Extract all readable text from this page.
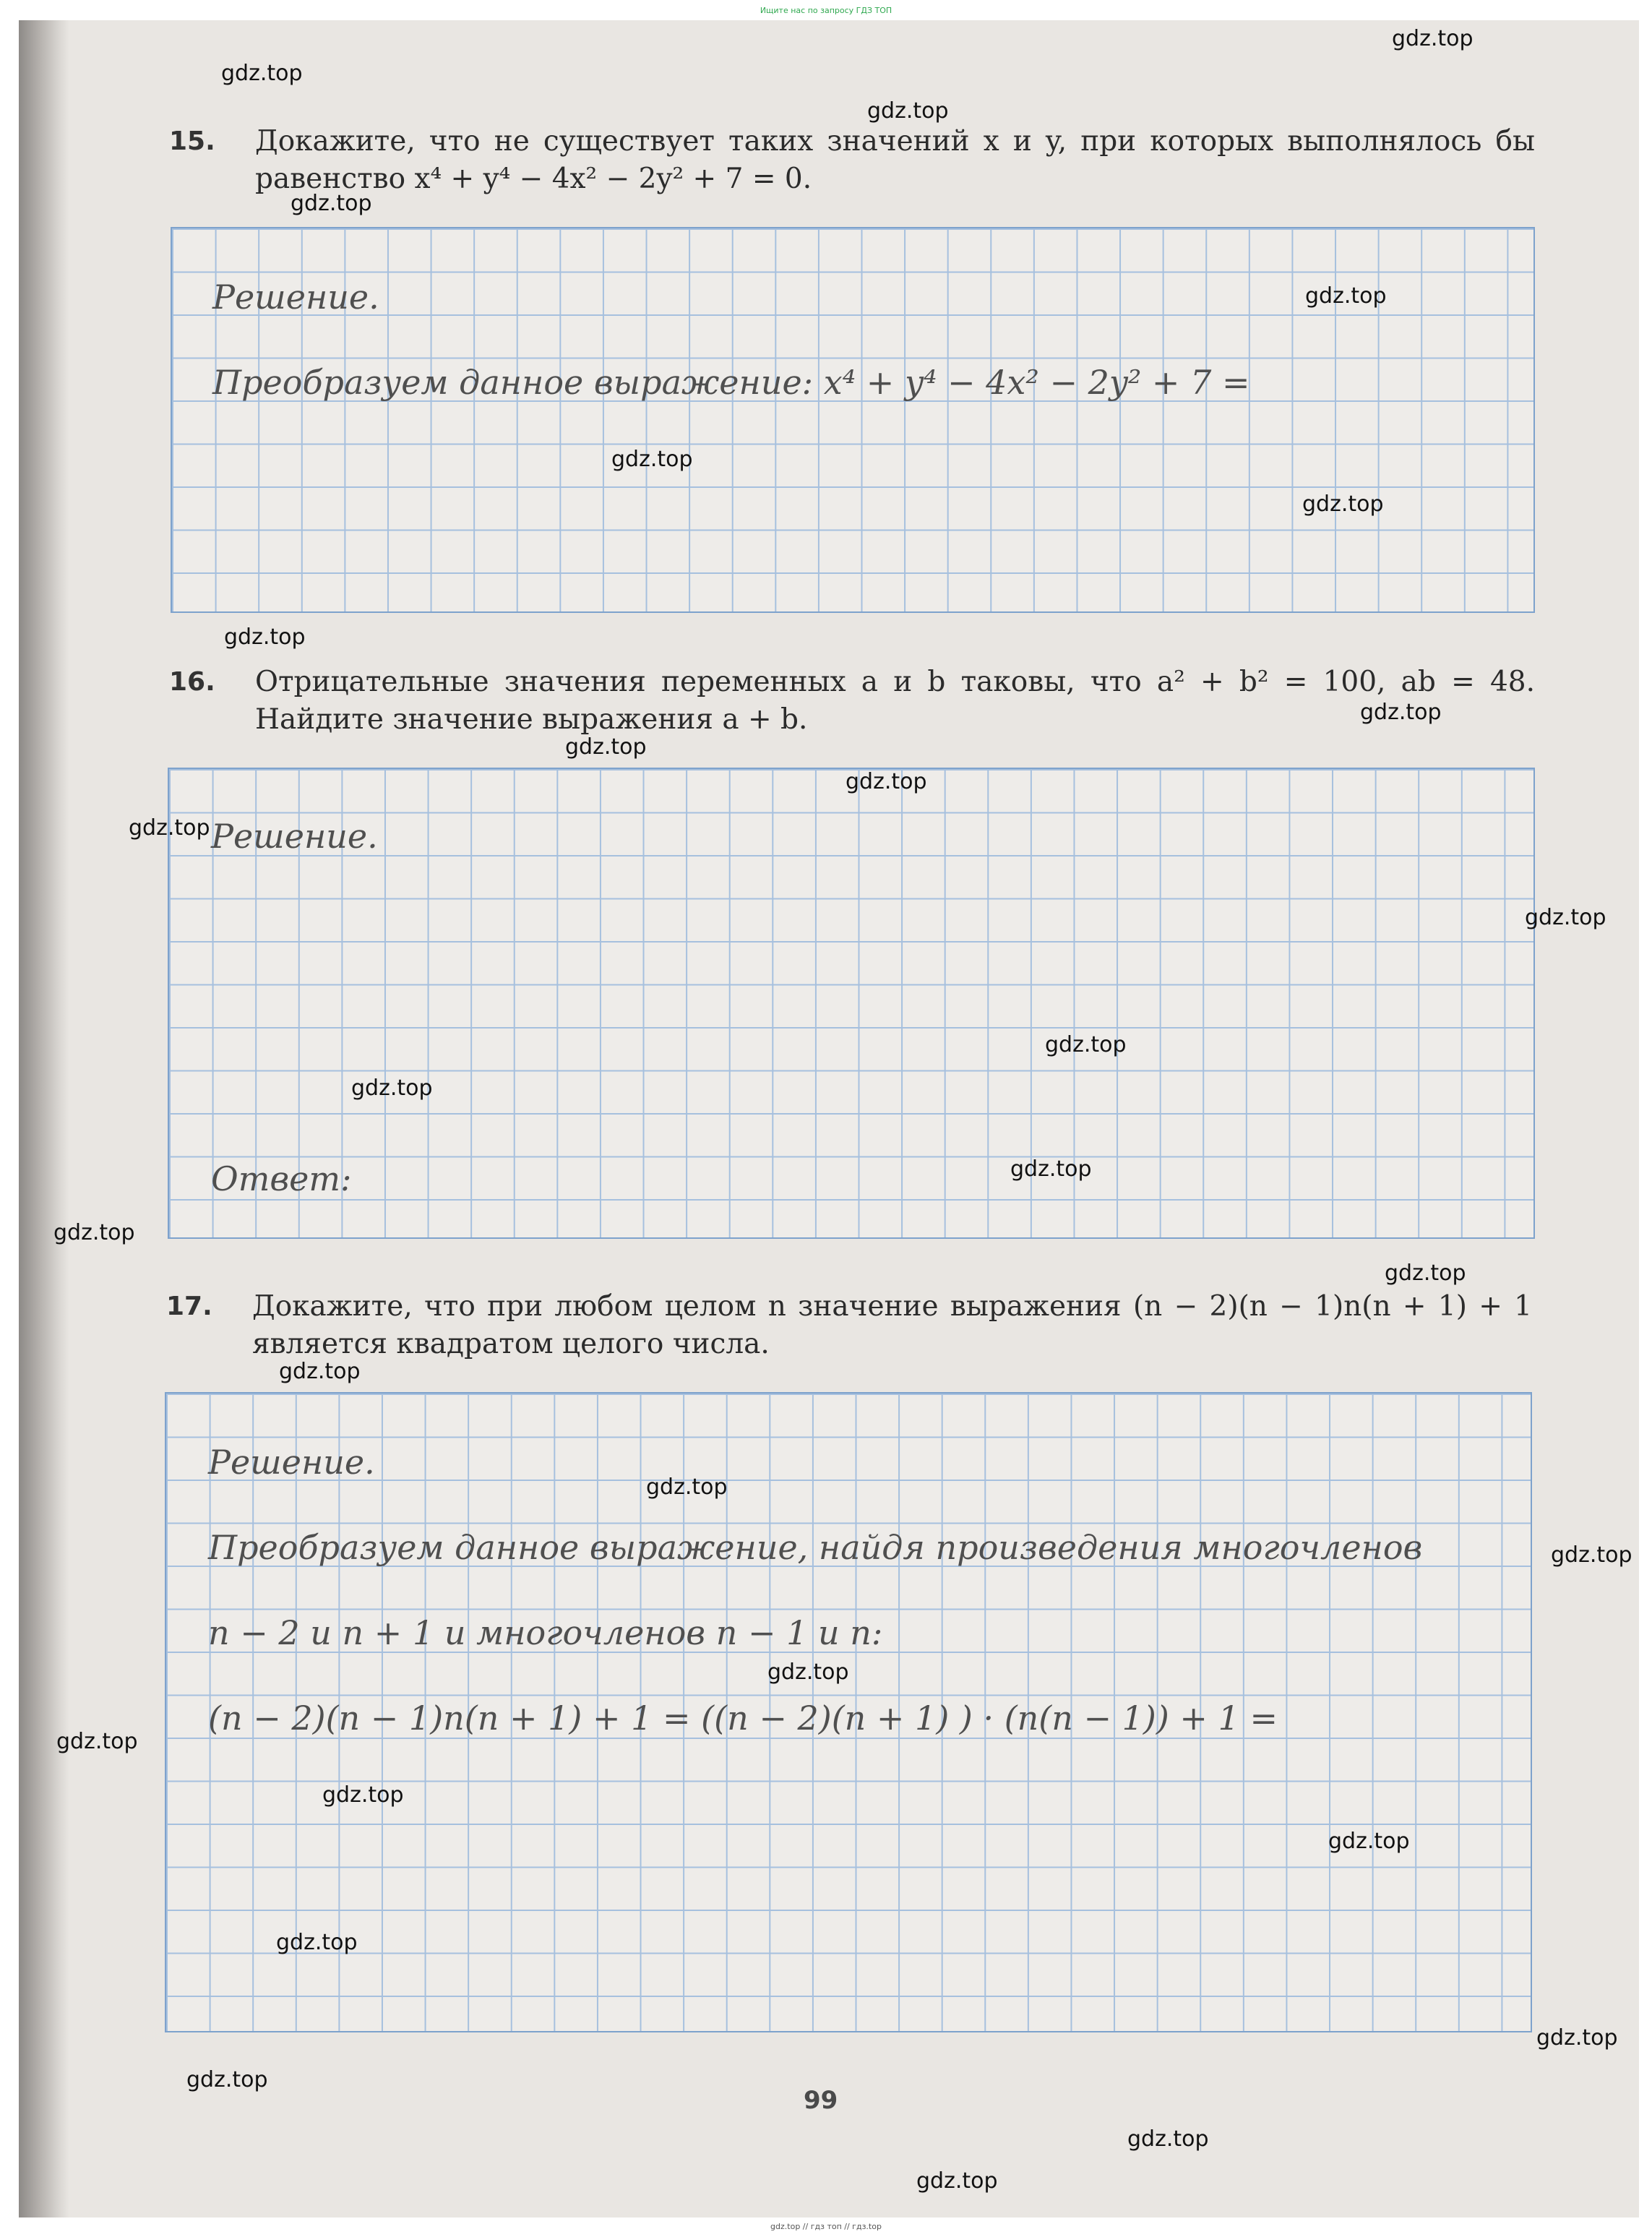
Ищите нас по запросу ГДЗ ТОП
15. Докажите, что не существует таких значений x и y, при которых выполнялось бы равенство x⁴ + y⁴ − 4x² − 2y² + 7 = 0.
Решение.
Преобразуем данное выражение: x⁴ + y⁴ − 4x² − 2y² + 7 =
16. Отрицательные значения переменных a и b таковы, что a² + b² = 100, ab = 48. Найдите значение выражения a + b.
Решение.
Ответ:
17. Докажите, что при любом целом n значение выражения (n − 2)(n − 1)n(n + 1) + 1 является квадратом целого числа.
Решение.
Преобразуем данное выражение, найдя произведения многочленов
n − 2 и n + 1 и многочленов n − 1 и n:
(n − 2)(n − 1)n(n + 1) + 1 = ((n − 2)(n + 1) ) · (n(n − 1)) + 1 =
99
gdz.top
gdz.top
gdz.top
gdz.top
gdz.top
gdz.top
gdz.top
gdz.top
gdz.top
gdz.top
gdz.top
gdz.top
gdz.top
gdz.top
gdz.top
gdz.top
gdz.top
gdz.top
gdz.top
gdz.top
gdz.top
gdz.top
gdz.top
gdz.top
gdz.top
gdz.top
gdz.top
gdz.top
gdz.top
gdz.top
gdz.top // гдз топ // гдз.top
